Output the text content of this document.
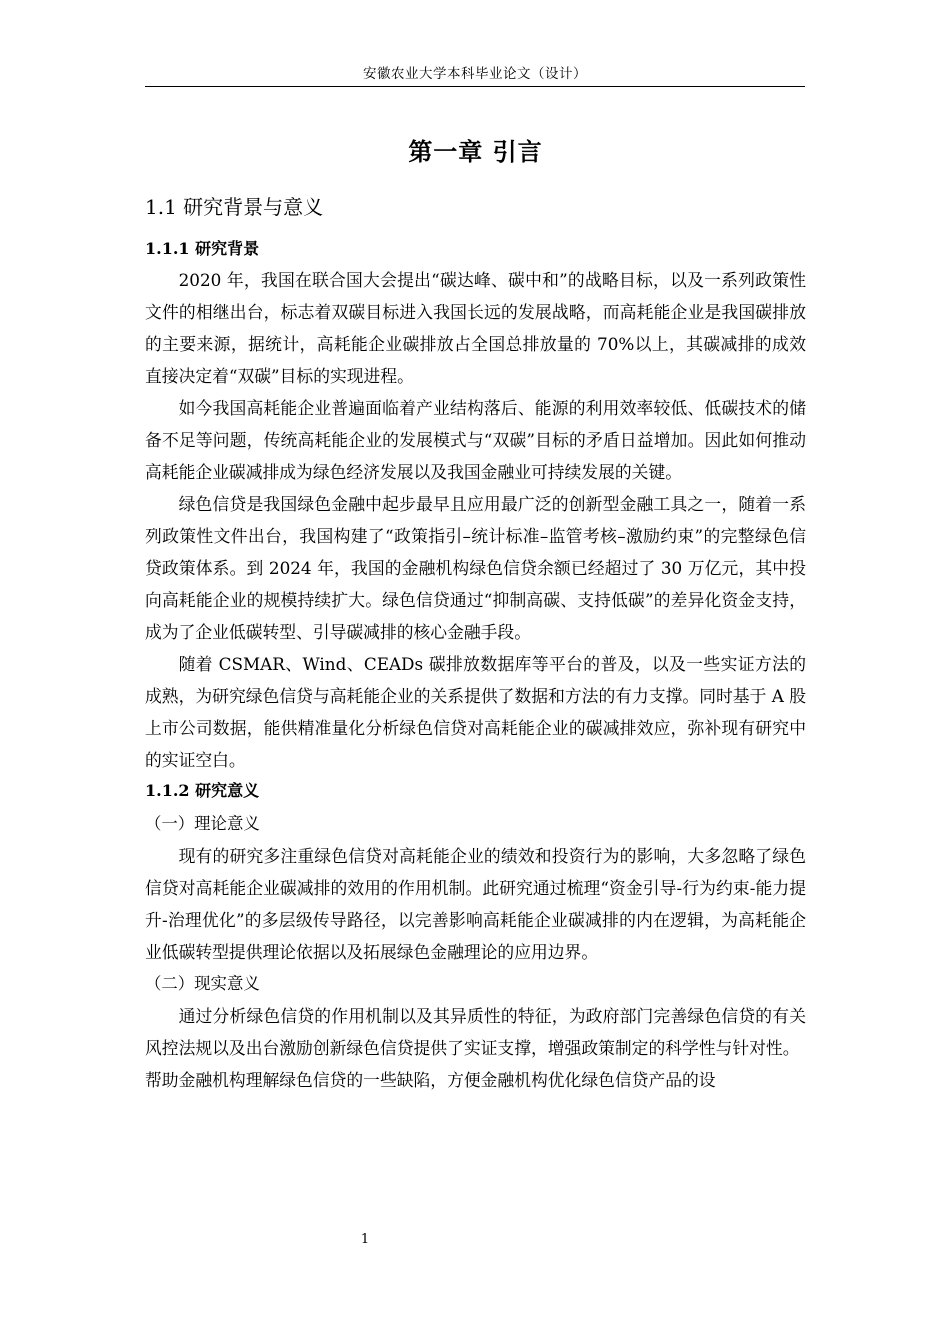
安徽农业大学本科毕业论文（设计）
第一章 引言
1.1 研究背景与意义
1.1.1 研究背景

2020 年，我国在联合国大会提出“碳达峰、碳中和”的战略目标，以及一系列政策性文件的相继出台，标志着双碳目标进入我国长远的发展战略，而高耗能企业是我国碳排放的主要来源，据统计，高耗能企业碳排放占全国总排放量的 70%以上，其碳减排的成效直接决定着“双碳”目标的实现进程。

如今我国高耗能企业普遍面临着产业结构落后、能源的利用效率较低、低碳技术的储备不足等问题，传统高耗能企业的发展模式与“双碳”目标的矛盾日益增加。因此如何推动高耗能企业碳减排成为绿色经济发展以及我国金融业可持续发展的关键。

绿色信贷是我国绿色金融中起步最早且应用最广泛的创新型金融工具之一，随着一系列政策性文件出台，我国构建了“政策指引–统计标准–监管考核–激励约束”的完整绿色信贷政策体系。到 2024 年，我国的金融机构绿色信贷余额已经超过了 30 万亿元，其中投向高耗能企业的规模持续扩大。绿色信贷通过“抑制高碳、支持低碳”的差异化资金支持，成为了企业低碳转型、引导碳减排的核心金融手段。

随着 CSMAR、Wind、CEADs 碳排放数据库等平台的普及，以及一些实证方法的成熟，为研究绿色信贷与高耗能企业的关系提供了数据和方法的有力支撑。同时基于 A 股上市公司数据，能供精准量化分析绿色信贷对高耗能企业的碳减排效应，弥补现有研究中的实证空白。

1.1.2 研究意义
（一）理论意义

现有的研究多注重绿色信贷对高耗能企业的绩效和投资行为的影响，大多忽略了绿色信贷对高耗能企业碳减排的效用的作用机制。此研究通过梳理“资金引导-行为约束-能力提升-治理优化”的多层级传导路径，以完善影响高耗能企业碳减排的内在逻辑，为高耗能企业低碳转型提供理论依据以及拓展绿色金融理论的应用边界。

（二）现实意义

通过分析绿色信贷的作用机制以及其异质性的特征，为政府部门完善绿色信贷的有关风控法规以及出台激励创新绿色信贷提供了实证支撑，增强政策制定的科学性与针对性。

帮助金融机构理解绿色信贷的一些缺陷，方便金融机构优化绿色信贷产品的设

1
